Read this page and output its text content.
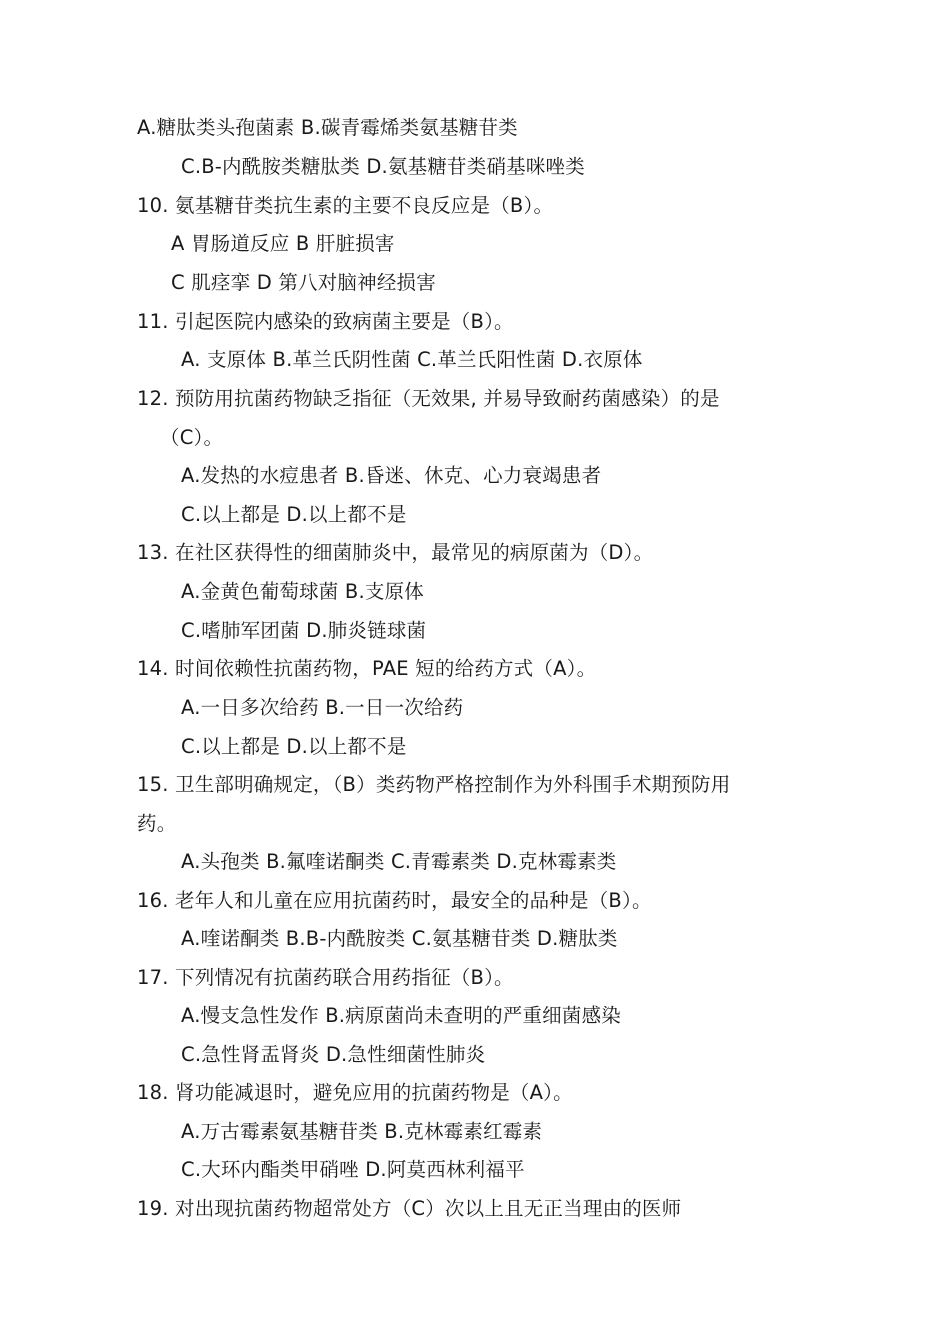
A.糖肽类头孢菌素 B.碳青霉烯类氨基糖苷类
C.B-内酰胺类糖肽类 D.氨基糖苷类硝基咪唑类
10. 氨基糖苷类抗生素的主要不良反应是（B）。
A 胃肠道反应 B 肝脏损害
C 肌痉挛 D 第八对脑神经损害
11. 引起医院内感染的致病菌主要是（B）。
A. 支原体 B.革兰氏阴性菌 C.革兰氏阳性菌 D.衣原体
12. 预防用抗菌药物缺乏指征（无效果, 并易导致耐药菌感染）的是
（C）。
A.发热的水痘患者 B.昏迷、休克、心力衰竭患者
C.以上都是 D.以上都不是
13. 在社区获得性的细菌肺炎中，最常见的病原菌为（D）。
A.金黄色葡萄球菌 B.支原体
C.嗜肺军团菌 D.肺炎链球菌
14. 时间依赖性抗菌药物，PAE 短的给药方式（A）。
A.一日多次给药 B.一日一次给药
C.以上都是 D.以上都不是
15. 卫生部明确规定，（B）类药物严格控制作为外科围手术期预防用
药。
A.头孢类 B.氟喹诺酮类 C.青霉素类 D.克林霉素类
16. 老年人和儿童在应用抗菌药时，最安全的品种是（B）。
A.喹诺酮类 B.B-内酰胺类 C.氨基糖苷类 D.糖肽类
17. 下列情况有抗菌药联合用药指征（B）。
A.慢支急性发作 B.病原菌尚未查明的严重细菌感染
C.急性肾盂肾炎 D.急性细菌性肺炎
18. 肾功能减退时，避免应用的抗菌药物是（A）。
A.万古霉素氨基糖苷类 B.克林霉素红霉素
C.大环内酯类甲硝唑 D.阿莫西林利福平
19. 对出现抗菌药物超常处方（C）次以上且无正当理由的医师
